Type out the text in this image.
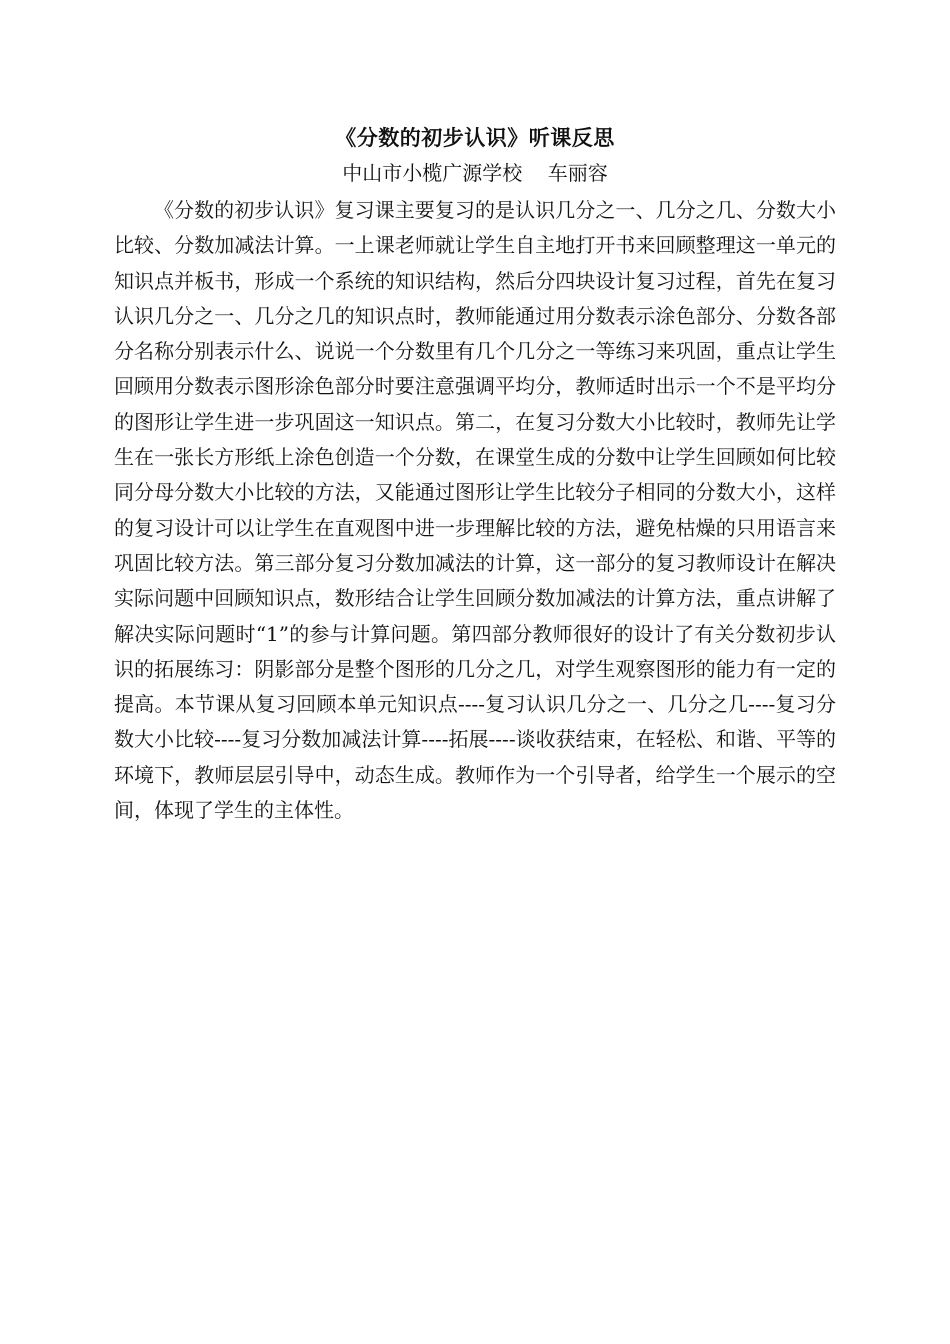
《分数的初步认识》听课反思
中山市小榄广源学校    车丽容

《分数的初步认识》复习课主要复习的是认识几分之一、几分之几、分数大小比较、分数加减法计算。一上课老师就让学生自主地打开书来回顾整理这一单元的知识点并板书，形成一个系统的知识结构，然后分四块设计复习过程，首先在复习认识几分之一、几分之几的知识点时，教师能通过用分数表示涂色部分、分数各部分名称分别表示什么、说说一个分数里有几个几分之一等练习来巩固，重点让学生回顾用分数表示图形涂色部分时要注意强调平均分，教师适时出示一个不是平均分的图形让学生进一步巩固这一知识点。第二，在复习分数大小比较时，教师先让学生在一张长方形纸上涂色创造一个分数，在课堂生成的分数中让学生回顾如何比较同分母分数大小比较的方法，又能通过图形让学生比较分子相同的分数大小，这样的复习设计可以让学生在直观图中进一步理解比较的方法，避免枯燥的只用语言来巩固比较方法。第三部分复习分数加减法的计算，这一部分的复习教师设计在解决实际问题中回顾知识点，数形结合让学生回顾分数加减法的计算方法，重点讲解了解决实际问题时“1”的参与计算问题。第四部分教师很好的设计了有关分数初步认识的拓展练习：阴影部分是整个图形的几分之几，对学生观察图形的能力有一定的提高。本节课从复习回顾本单元知识点----复习认识几分之一、几分之几----复习分数大小比较----复习分数加减法计算----拓展----谈收获结束，在轻松、和谐、平等的环境下，教师层层引导中，动态生成。教师作为一个引导者，给学生一个展示的空间，体现了学生的主体性。
